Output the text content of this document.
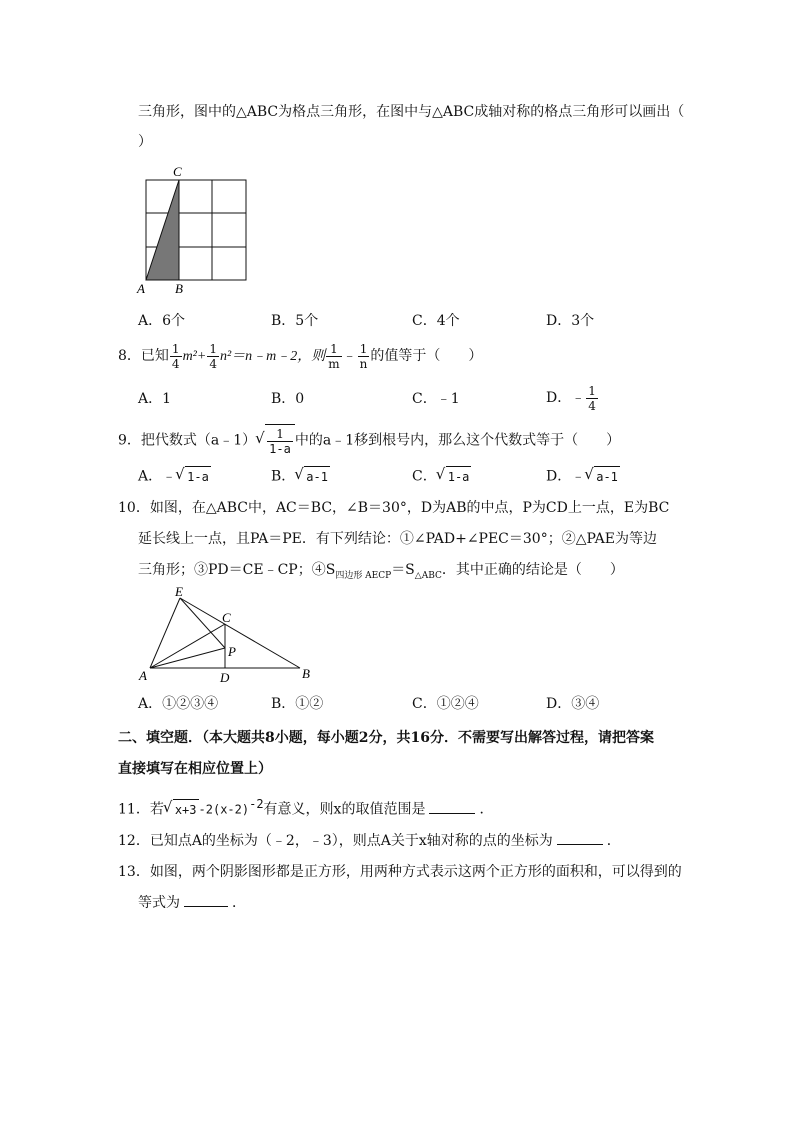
三角形，图中的△ABC为格点三角形，在图中与△ABC成轴对称的格点三角形可以画出（
）
C
A B
A．6个	B．5个	C．4个	D．3个
8．已知 $\frac{1}{4} m^2+ \frac{1}{4}$ n²＝n﹣m﹣2，则 $\frac{1}{m}$ ﹣ $\frac{1}{n}$ 的值等于（　　）
A．1	B．0	C．﹣1	D．﹣ $\frac{1}{4}$
9．把代数式（a﹣1） √ $\frac{1}{1-a}$ 中的a﹣1移到根号内，那么这个代数式等于（　　）
A．﹣ √ 1-a	B． √ a-1	C． √ 1-a	D．﹣ √ a-1
10．如图，在△ABC中，AC＝BC，∠B＝30°，D为AB的中点，P为CD上一点，E为BC
延长线上一点，且PA＝PE．有下列结论：①∠PAD+∠PEC＝30°；②△PAE为等边
三角形；③PD＝CE﹣CP；$④S_{四边形 AECP}=S_{\triangle ABC}$．其中正确的结论是（　　）
E
C
P
A	D	B
A．①②③④	B．①②	C．①②④	D．③④
二、填空题．（本大题共8小题，每小题2分，共16分．不需要写出解答过程，请把答案
直接填写在相应位置上）
11．若 √ x+3 $-2(x-2)^{-2}$有意义，则x的取值范围是	．
12．已知点A的坐标为（﹣2，﹣3），则点A关于x轴对称的点的坐标为	．
13．如图，两个阴影图形都是正方形，用两种方式表示这两个正方形的面积和，可以得到的
等式为	．
